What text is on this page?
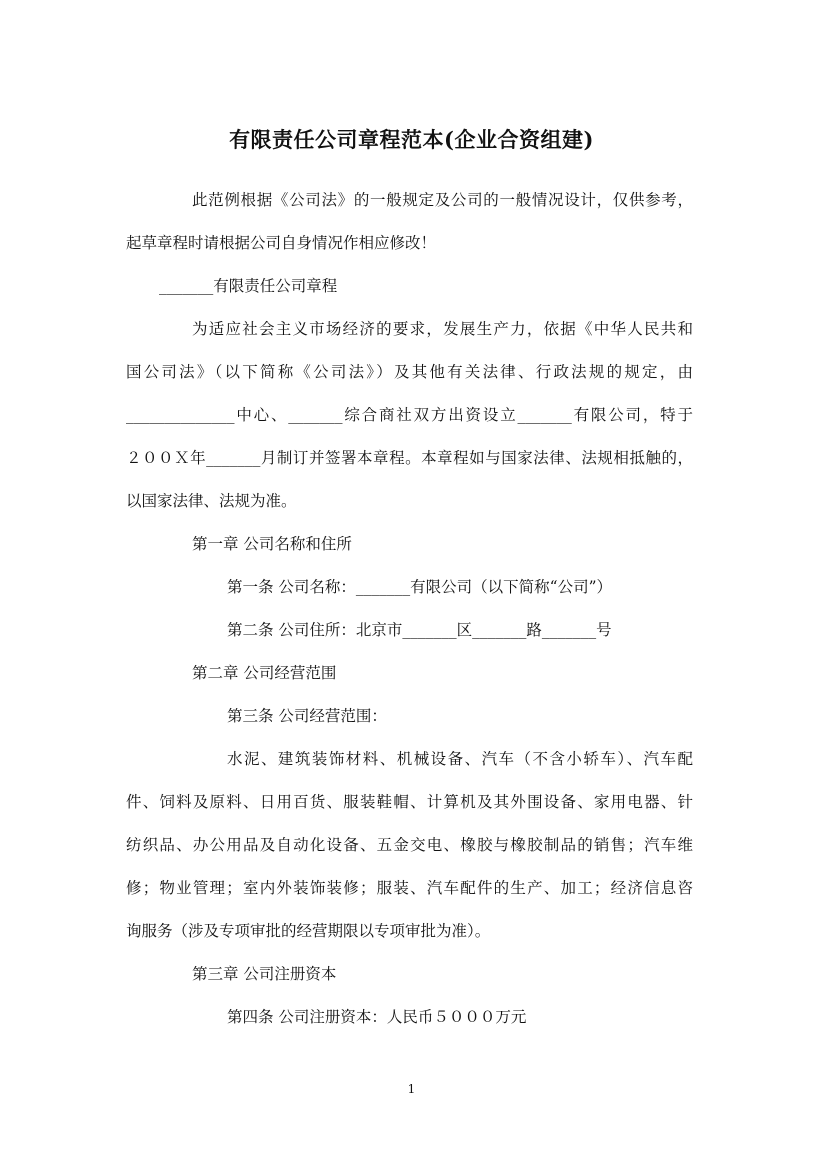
有限责任公司章程范本(企业合资组建)
此范例根据《公司法》的一般规定及公司的一般情况设计，仅供参考，
起草章程时请根据公司自身情况作相应修改！
_______有限责任公司章程
为适应社会主义市场经济的要求，发展生产力，依据《中华人民共和
国公司法》（以下简称《公司法》）及其他有关法律、行政法规的规定，由
______________中心、_______综合商社双方出资设立_______有限公司，特于
２００Ｘ年_______月制订并签署本章程。本章程如与国家法律、法规相抵触的，
以国家法律、法规为准。
第一章 公司名称和住所
第一条 公司名称：_______有限公司（以下简称“公司”）
第二条 公司住所：北京市_______区_______路_______号
第二章 公司经营范围
第三条 公司经营范围：
水泥、建筑装饰材料、机械设备、汽车（不含小轿车）、汽车配
件、饲料及原料、日用百货、服装鞋帽、计算机及其外围设备、家用电器、针
纺织品、办公用品及自动化设备、五金交电、橡胶与橡胶制品的销售；汽车维
修；物业管理；室内外装饰装修；服装、汽车配件的生产、加工；经济信息咨
询服务（涉及专项审批的经营期限以专项审批为准）。
第三章 公司注册资本
第四条 公司注册资本：人民币５０００万元
1
